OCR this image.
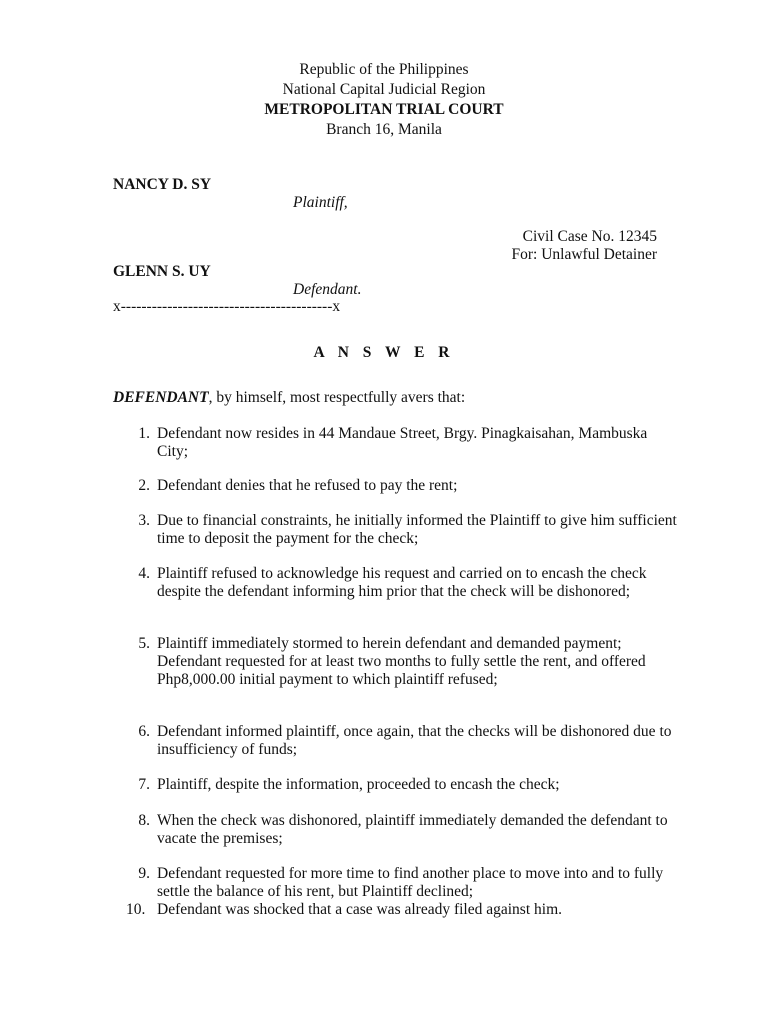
Republic of the Philippines
National Capital Judicial Region
METROPOLITAN TRIAL COURT
Branch 16, Manila
NANCY D. SY
Plaintiff,
Civil Case No. 12345
For: Unlawful Detainer
GLENN S. UY
Defendant.
x-----------------------------------------x
A N S W E R
DEFENDANT, by himself, most respectfully avers that:
1. Defendant now resides in 44 Mandaue Street, Brgy. Pinagkaisahan, Mambuska City;
2. Defendant denies that he refused to pay the rent;
3. Due to financial constraints, he initially informed the Plaintiff to give him sufficient time to deposit the payment for the check;
4. Plaintiff refused to acknowledge his request and carried on to encash the check despite the defendant informing him prior that the check will be dishonored;
5. Plaintiff immediately stormed to herein defendant and demanded payment; Defendant requested for at least two months to fully settle the rent, and offered Php8,000.00 initial payment to which plaintiff refused;
6. Defendant informed plaintiff, once again, that the checks will be dishonored due to insufficiency of funds;
7. Plaintiff, despite the information, proceeded to encash the check;
8. When the check was dishonored, plaintiff immediately demanded the defendant to vacate the premises;
9. Defendant requested for more time to find another place to move into and to fully settle the balance of his rent, but Plaintiff declined;
10. Defendant was shocked that a case was already filed against him.
